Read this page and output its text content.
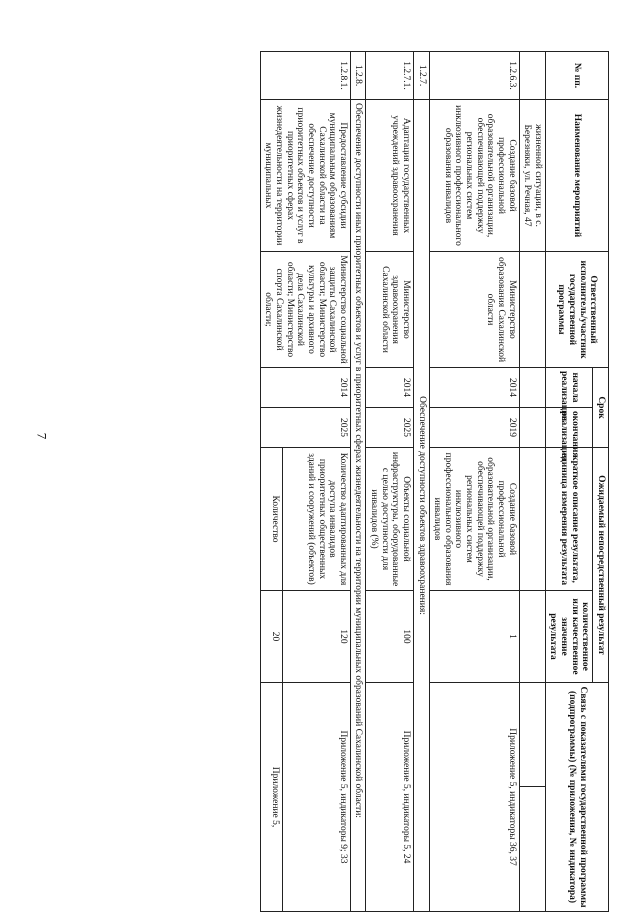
7
№ пп.	Наименование мероприятий	Ответственный исполнитель/участник государственной программы	Срок		Ожидаемый непосредственный результат		Связь с показателями государственной программы (подпрограммы) (№ приложения, № индикатора)	
			начала реализации	окончания реализации	краткое описание результата, единица измерения результата	количественное или качественное значение результата		
	жизненной ситуации, в с. Березняки, ул. Речная, 47							
1.2.6.3.	Создание базовой профессиональной образовательной организации, обеспечивающей поддержку региональных систем инклюзивного профессионального образования инвалидов	Министерство образования Сахалинской области	2014	2019	Создание базовой профессиональной образовательной организации, обеспечивающей поддержку региональных систем инклюзивного профессионального образования инвалидов	1	Приложение 5, индикаторы 36, 37	
1.2.7.	Обеспечение доступности объектов здравоохранения:							
1.2.7.1.	Адаптация государственных учреждений здравоохранения	Министерство здравоохранения Сахалинской области	2014	2025	Объекты социальной инфраструктуры, оборудованные с целью доступности для инвалидов (%)	100	Приложение 5, индикаторы 5, 24	
1.2.8.	Обеспечение доступности иных приоритетных объектов и услуг в приоритетных сферах жизнедеятельности на территории муниципальных образований Сахалинской области:							
1.2.8.1.	Предоставление субсидии муниципальным образованиям Сахалинской области на обеспечение доступности приоритетных объектов и услуг в приоритетных сферах жизнедеятельности на территории муниципальных	Министерство социальной защиты Сахалинской области; Министерство культуры и архивного дела Сахалинской области; Министерство спорта Сахалинской области;	2014	2025	Количество адаптированных для доступа инвалидов приоритетных общественных зданий и сооружений (объектов)	120	Приложение 5, индикаторы 9; 33	
					Количество	20	Приложение 5,	
